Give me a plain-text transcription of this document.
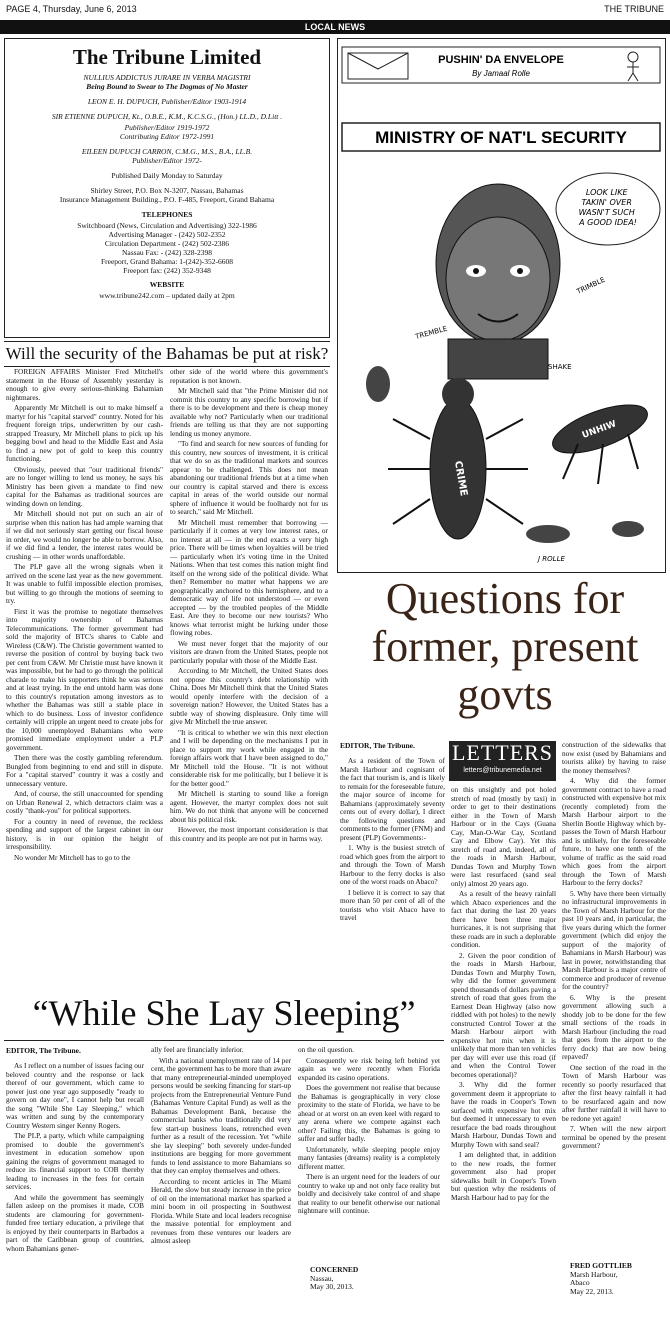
PAGE 4, Thursday, June 6, 2013	THE TRIBUNE
LOCAL NEWS
The Tribune Limited

NULLIUS ADDICTUS JURARE IN VERBA MAGISTRI

Being Bound to Swear to The Dogmas of No Master

LEON E. H. DUPUCH, Publisher/Editor 1903-1914

SIR ETIENNE DUPUCH, Kt., O.B.E., K.M., K.C.S.G., (Hon.) LL.D., D.Litt .

Publisher/Editor 1919-1972

Contributing Editor 1972-1991

EILEEN DUPUCH CARRON, C.M.G., M.S., B.A., LL.B.

Publisher/Editor 1972-

Published Daily Monday to Saturday

Shirley Street, P.O. Box N-3207, Nassau, Bahamas

Insurance Management Building., P.O. F-485, Freeport, Grand Bahama

TELEPHONES
Switchboard (News, Circulation and Advertising) 322-1986
Advertising Manager - (242) 502-2352
Circulation Department - (242) 502-2386
Nassau Fax: - (242) 328-2398
Freeport, Grand Bahama: 1-(242)-352-6608
Freeport fax: (242) 352-9348
WEBSITE
www.tribune242.com – updated daily at 2pm
Will the security of the Bahamas be put at risk?

FOREIGN AFFAIRS Minister Fred Mitchell's statement in the House of Assembly yesterday is enough to give every serious-thinking Bahamian nightmares.

Apparently Mr Mitchell is out to make himself a martyr for his "capital starved" country. Noted for his frequent foreign trips, underwritten by our cash-strapped Treasury, Mr Mitchell plans to pick up his begging bowl and head to the Middle East and Asia to find a new pot of gold to keep this country functioning.

Obviously, peeved that "our traditional friends" are no longer willing to lend us money, he says his Ministry has been given a mandate to find new capital for the Bahamas as traditional sources are winding down on lending.

Mr Mitchell should not put on such an air of surprise when this nation has had ample warning that if we did not seriously start getting our fiscal house in order, we would no longer be able to borrow. Also, if we did find a lender, the interest rates would be crushing — in other words unaffordable.

The PLP gave all the wrong signals when it arrived on the scene last year as the new government. It was unable to fulfil impossible election promises, but willing to go through the motions of seeming to try.

First it was the promise to negotiate themselves into majority ownership of Bahamas Telecommunications. The former government had sold the majority of BTC's shares to Cable and Wireless (C&W). The Christie government wanted to reverse the position of control by buying back two per cent from C&W. Mr Christie must have known it was impossible, but he had to go through the political charade to make his supporters think he was serious and at least trying. In the end untold harm was done to this country's reputation among investors as to whether the Bahamas was still a stable place in which to do business. Loss of investor confidence certainly will cripple an urgent need to create jobs for the 10,000 unemployed Bahamians who were promised immediate employment under a PLP government.

Then there was the costly gambling referendum. Bungled from beginning to end and still in dispute. For a "capital starved" country it was a costly and unnecessary venture.

And, of course, the still unaccounted for spending on Urban Renewal 2, which detractors claim was a costly "thank-you" for political supporters.

For a country in need of revenue, the reckless spending and support of the largest cabinet in our history, is in our opinion the height of irresponsibility.

No wonder Mr Mitchell has to go to the

other side of the world where this government's reputation is not known.

Mr Mitchell said that "the Prime Minister did not commit this country to any specific borrowing but if there is to be development and there is cheap money available why not? Particularly when our traditional friends are telling us that they are not supporting lending us money anymore.

"To find and search for new sources of funding for this country, new sources of investment, it is critical that we do so as the traditional markets and sources appear to be challenged. This does not mean abandoning our traditional friends but at a time when our country is capital starved and there is excess capital in areas of the world outside our normal sphere of influence it would be foolhardy not for us to search," said Mr Mitchell.

Mr Mitchell must remember that borrowing — particularly if it comes at very low interest rates, or no interest at all — in the end exacts a very high price. There will be times when loyalties will be tried — particularly when it's voting time in the United Nations. When that test comes this nation might find itself on the wrong side of the political divide. What then? Remember no matter what happens we are geographically anchored to this hemisphere, and to a democratic way of life not understood — or even accepted — by the troubled peoples of the Middle East. Are they to become our new tourists? Who knows what terrorist might be lurking under those flowing robes.

We must never forget that the majority of our visitors are drawn from the United States, people not particularly popular with those of the Middle East.

According to Mr Mitchell, the United States does not oppose this country's debt relationship with China. Does Mr Mitchell think that the United States would openly interfere with the decision of a sovereign nation? However, the United States has a subtle way of showing displeasure. Only time will give Mr Mitchell the true answer.

"It is critical to whether we win this next election and I will be depending on the mechanisms I put in place to support my work while engaged in the foreign affairs work that I have been assigned to do," Mr Mitchell told the House. "It is not without considerable risk for me politically, but I believe it is for the better good."

Mr Mitchell is starting to sound like a foreign agent. However, the martyr complex does not suit him. We do not think that anyone will be concerned about his political risk.

However, the most important consideration is that this country and its people are not put in harms way.

PUSHIN' DA ENVELOPE
By Jamaal Rolle
MINISTRY OF NAT'L SECURITY
LOOK LIKE TAKIN' OVER WASN'T SUCH A GOOD IDEA!
TREMBLE
TRIMBLE
SHAKE
CRIME
UNHIW
J ROLLE
Questions for former, present govts
EDITOR, The Tribune.

As a resident of the Town of Marsh Harbour and cognisant of the fact that tourism is, and is likely to remain for the foreseeable future, the major source of income for Bahamians (approximately seventy cents out of every dollar), I direct the following questions and comments to the former (FNM) and present (PLP) Governments:-

1. Why is the busiest stretch of road which goes from the airport to and through the Town of Marsh Harbour to the ferry docks is also one of the worst roads on Abaco?

I believe it is correct to say that more than 50 per cent of all of the tourists who visit Abaco have to travel

LETTERS
letters@tribunemedia.net

on this unsightly and pot holed stretch of road (mostly by taxi) in order to get to their destinations either in the Town of Marsh Harbour or in the Cays (Guana Cay, Man-O-War Cay, Scotland Cay and Elbow Cay). Yet this stretch of road and, indeed, all of the roads in Marsh Harbour, Dundas Town and Murphy Town were last resurfaced (sand seal only) almost 20 years ago.

As a result of the heavy rainfall which Abaco experiences and the fact that during the last 20 years there have been three major hurricanes, it is not surprising that these roads are in such a deplorable condition.

2. Given the poor condition of the roads in Marsh Harbour, Dundas Town and Murphy Town, why did the former government spend thousands of dollars paving a stretch of road that goes from the Earnest Dean Highway (also now riddled with pot holes) to the newly constructed Control Tower at the Marsh Harbour airport with expensive hot mix when it is unlikely that more than ten vehicles per day will ever use this road (if and when the Control Tower becomes operational)?

3. Why did the former government deem it appropriate to have the roads in Cooper's Town surfaced with expensive hot mix but deemed it unnecessary to even resurface the bad roads throughout Marsh Harbour, Dundas Town and Murphy Town with sand seal?

I am delighted that, in addition to the new roads, the former government also had proper sidewalks built in Cooper's Town but question why the residents of Marsh Harbour had to pay for the

construction of the sidewalks that now exist (used by Bahamians and tourists alike) by having to raise the money themselves?

4. Why did the former government contract to have a road constructed with expensive hot mix (recently completed) from the Marsh Harbour airport to the Sherlin Bootle Highway which by-passes the Town of Marsh Harbour and is unlikely, for the foreseeable future, to have one tenth of the volume of traffic as the said road which goes from the airport through the Town of Marsh Harbour to the ferry docks?

5. Why have there been virtually no infrastructural improvements in the Town of Marsh Harbour for the past 10 years and, in particular, the five years during which the former government (which did enjoy the support of the majority of Bahamians in Marsh Harbour) was last in power, notwithstanding that Marsh Harbour is a major centre of commerce and producer of revenue for the country?

6. Why is the present government allowing such a shoddy job to be done for the few small sections of the roads in Marsh Harbour (including the road that goes from the airport to the ferry dock) that are now being repaved?

One section of the road in the Town of Marsh Harbour was recently so poorly resurfaced that after the first heavy rainfall it had to be resurfaced again and now after further rainfall it will have to be redone yet again!

7. When will the new airport terminal be opened by the present government?

FRED GOTTLIEB
Marsh Harbour,
Abaco
May 22, 2013.
“While She Lay Sleeping”
EDITOR, The Tribune.

As I reflect on a number of issues facing our beloved country and the response or lack thereof of our government, which came to power just one year ago supposedly "ready to govern on day one", I cannot help but recall the song "While She Lay Sleeping," which was written and sung by the contemporary Country Western singer Kenny Rogers.

The PLP, a party, which while campaigning promised to double the government's investment in education somehow upon gaining the reigns of government managed to reduce its financial support to COB thereby leading to increases in the fees for certain services.

And while the government has seemingly fallen asleep on the promises it made, COB students are clamouring for government-funded free tertiary education, a privilege that is enjoyed by their counterparts in Barbados a part of the Caribbean group of countries, whom Bahamians gener-

ally feel are financially inferior.

With a national unemployment rate of 14 per cent, the government has to be more than aware that many entrepreneurial-minded unemployed persons would be seeking financing for start-up projects from the Entrepreneurial Venture Fund (Bahamas Venture Capital Fund) as well as the Bahamas Development Bank, because the commercial banks who traditionally did very few start-up business loans, retrenched even further as a result of the recession. Yet "while she lay sleeping" both severely under-funded institutions are begging for more government funds to lend assistance to more Bahamians so that they can employ themselves and others.

According to recent articles in The Miami Herald, the slow but steady increase in the price of oil on the international market has sparked a mini boom in oil prospecting in Southwest Florida. While State and local leaders recognise the massive potential for employment and revenues from these ventures our leaders are almost asleep

on the oil question.

Consequently we risk being left behind yet again as we were recently when Florida expanded its casino operations.

Does the government not realise that because the Bahamas is geographically in very close proximity to the state of Florida, we have to be ahead or at worst on an even keel with regard to any arena where we compete against each other? Failing this, the Bahamas is going to suffer and suffer badly.

Unfortunately, while sleeping people enjoy many fantasies (dreams) reality is a completely different matter.

There is an urgent need for the leaders of our country to wake up and not only face reality but boldly and decisively take control of and shape that reality to our benefit otherwise our national nightmare will continue.

CONCERNED
Nassau,
May 30, 2013.
